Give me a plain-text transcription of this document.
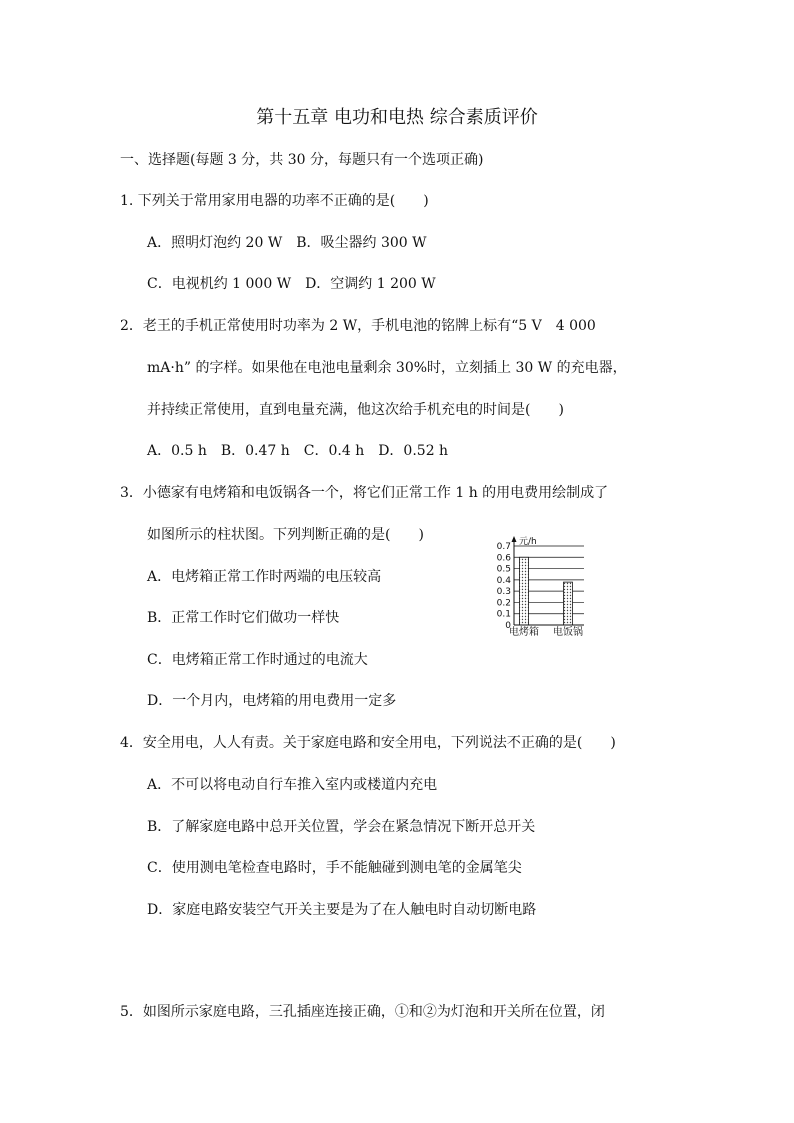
第十五章 电功和电热 综合素质评价
一、选择题(每题 3 分，共 30 分，每题只有一个选项正确)
1. 下列关于常用家用电器的功率不正确的是(　　)
A．照明灯泡约 20 W　B．吸尘器约 300 W
C．电视机约 1 000 W　D．空调约 1 200 W
2．老王的手机正常使用时功率为 2 W，手机电池的铭牌上标有“5 V　4 000
mA·h” 的字样。如果他在电池电量剩余 30%时，立刻插上 30 W 的充电器，
并持续正常使用，直到电量充满，他这次给手机充电的时间是(　　)
A．0.5 h　B．0.47 h　C．0.4 h　D．0.52 h
3．小德家有电烤箱和电饭锅各一个，将它们正常工作 1 h 的用电费用绘制成了
如图所示的柱状图。下列判断正确的是(　　)
A．电烤箱正常工作时两端的电压较高
B．正常工作时它们做功一样快
C．电烤箱正常工作时通过的电流大
D．一个月内，电烤箱的用电费用一定多
0.7
0.6
0.5
0.4
0.3
0.2
0.1
0
电烤箱 电饭锅
元/h
4．安全用电，人人有责。关于家庭电路和安全用电，下列说法不正确的是(　　)
A．不可以将电动自行车推入室内或楼道内充电
B．了解家庭电路中总开关位置，学会在紧急情况下断开总开关
C．使用测电笔检查电路时，手不能触碰到测电笔的金属笔尖
D．家庭电路安装空气开关主要是为了在人触电时自动切断电路
5．如图所示家庭电路，三孔插座连接正确，①和②为灯泡和开关所在位置，闭
